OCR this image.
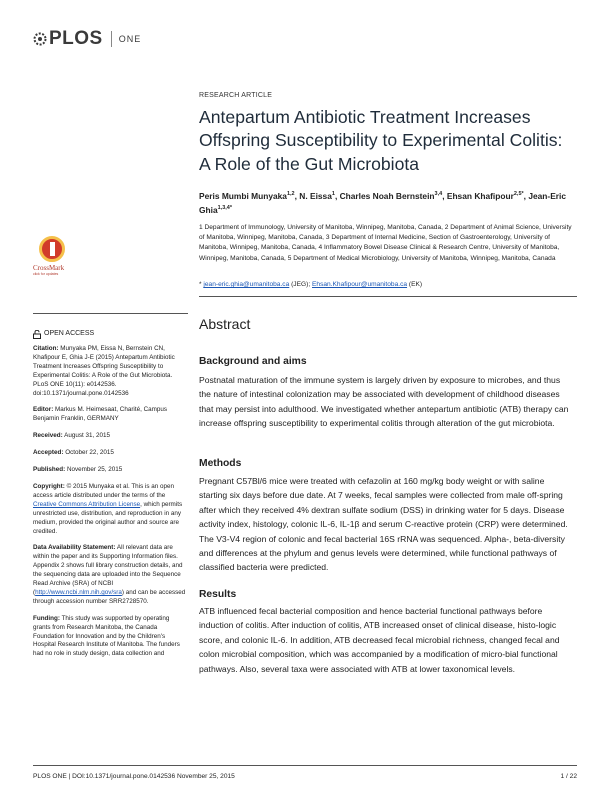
PLOS ONE
CrossMark
click for updates
OPEN ACCESS
Citation: Munyaka PM, Eissa N, Bernstein CN, Khafipour E, Ghia J-E (2015) Antepartum Antibiotic Treatment Increases Offspring Susceptibility to Experimental Colitis: A Role of the Gut Microbiota. PLoS ONE 10(11): e0142536. doi:10.1371/journal.pone.0142536
Editor: Markus M. Heimesaat, Charité, Campus Benjamin Franklin, GERMANY
Received: August 31, 2015
Accepted: October 22, 2015
Published: November 25, 2015
Copyright: © 2015 Munyaka et al. This is an open access article distributed under the terms of the Creative Commons Attribution License, which permits unrestricted use, distribution, and reproduction in any medium, provided the original author and source are credited.
Data Availability Statement: All relevant data are within the paper and its Supporting Information files. Appendix 2 shows full library construction details, and the sequencing data are uploaded into the Sequence Read Archive (SRA) of NCBI (http://www.ncbi.nlm.nih.gov/sra) and can be accessed through accession number SRR2728570.
Funding: This study was supported by operating grants from Research Manitoba, the Canada Foundation for Innovation and by the Children's Hospital Research Institute of Manitoba. The funders had no role in study design, data collection and
RESEARCH ARTICLE
Antepartum Antibiotic Treatment Increases Offspring Susceptibility to Experimental Colitis: A Role of the Gut Microbiota
Peris Mumbi Munyaka$^{1,2}$, N. Eissa$^1$, Charles Noah Bernstein$^{3,4}$, Ehsan Khafipour$^{2,5*}$, Jean-Eric Ghia$^{1,3,4*}$
1 Department of Immunology, University of Manitoba, Winnipeg, Manitoba, Canada, 2 Department of Animal Science, University of Manitoba, Winnipeg, Manitoba, Canada, 3 Department of Internal Medicine, Section of Gastroenterology, University of Manitoba, Winnipeg, Manitoba, Canada, 4 Inflammatory Bowel Disease Clinical & Research Centre, University of Manitoba, Winnipeg, Manitoba, Canada, 5 Department of Medical Microbiology, University of Manitoba, Winnipeg, Manitoba, Canada
* jean-eric.ghia@umanitoba.ca (JEG); Ehsan.Khafipour@umanitoba.ca (EK)
Abstract
Background and aims

Postnatal maturation of the immune system is largely driven by exposure to microbes, and thus the nature of intestinal colonization may be associated with development of childhood diseases that may persist into adulthood. We investigated whether antepartum antibiotic (ATB) therapy can increase offspring susceptibility to experimental colitis through alteration of the gut microbiota.

Methods

Pregnant C57Bl/6 mice were treated with cefazolin at 160 mg/kg body weight or with saline starting six days before due date. At 7 weeks, fecal samples were collected from male off-spring after which they received 4% dextran sulfate sodium (DSS) in drinking water for 5 days. Disease activity index, histology, colonic IL-6, IL-1β and serum C-reactive protein (CRP) were determined. The V3-V4 region of colonic and fecal bacterial 16S rRNA was sequenced. Alpha-, beta-diversity and differences at the phylum and genus levels were determined, while functional pathways of classified bacteria were predicted.

Results

ATB influenced fecal bacterial composition and hence bacterial functional pathways before induction of colitis. After induction of colitis, ATB increased onset of clinical disease, histo-logic score, and colonic IL-6. In addition, ATB decreased fecal microbial richness, changed fecal and colon microbial composition, which was accompanied by a modification of micro-bial functional pathways. Also, several taxa were associated with ATB at lower taxonomical levels.

PLOS ONE | DOI:10.1371/journal.pone.0142536 November 25, 2015	1 / 22
